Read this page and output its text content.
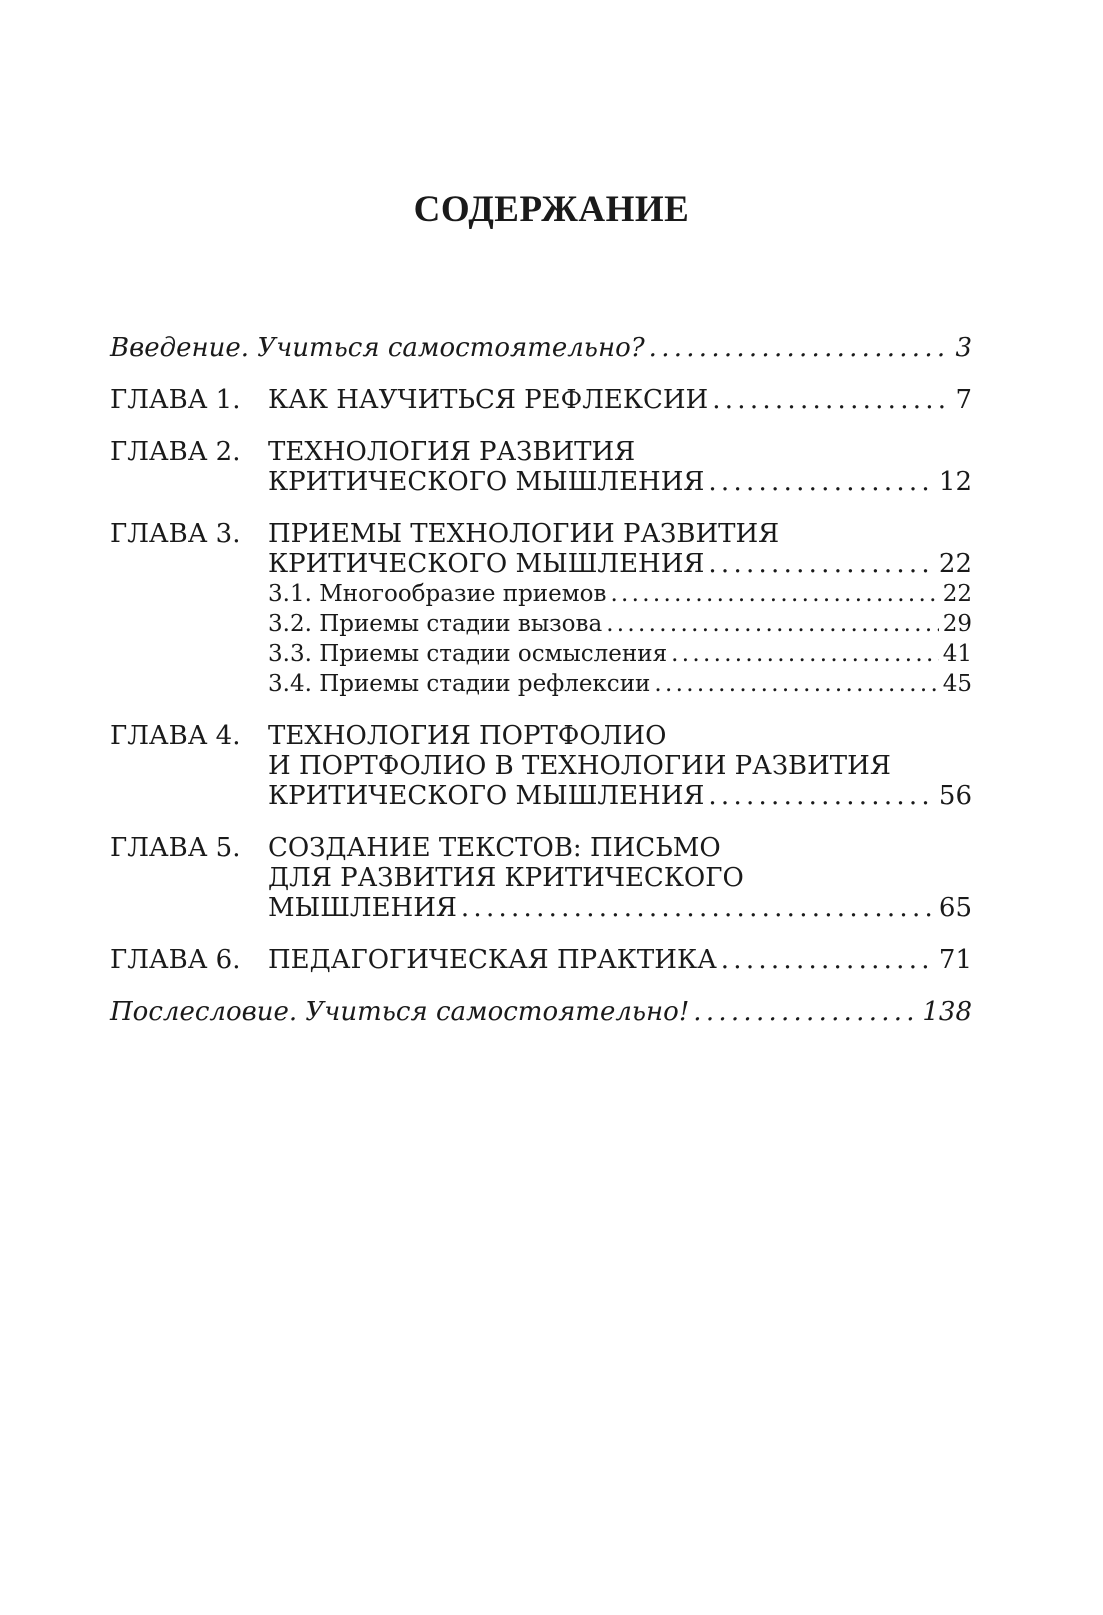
СОДЕРЖАНИЕ
Введение. Учиться самостоятельно? . . .	3
ГЛАВА 1.	КАК НАУЧИТЬСЯ РЕФЛЕКСИИ . . .	7
ГЛАВА 2.	ТЕХНОЛОГИЯ РАЗВИТИЯ
КРИТИЧЕСКОГО МЫШЛЕНИЯ . . .	12
ГЛАВА 3.	ПРИЕМЫ ТЕХНОЛОГИИ РАЗВИТИЯ
КРИТИЧЕСКОГО МЫШЛЕНИЯ . . .	22
3.1. Многообразие приемов . . .	22
3.2. Приемы стадии вызова . . .	29
3.3. Приемы стадии осмысления . . .	41
3.4. Приемы стадии рефлексии . . .	45
ГЛАВА 4.	ТЕХНОЛОГИЯ ПОРТФОЛИО
И ПОРТФОЛИО В ТЕХНОЛОГИИ РАЗВИТИЯ
КРИТИЧЕСКОГО МЫШЛЕНИЯ . . .	56
ГЛАВА 5.	СОЗДАНИЕ ТЕКСТОВ: ПИСЬМО
ДЛЯ РАЗВИТИЯ КРИТИЧЕСКОГО
МЫШЛЕНИЯ . . .	65
ГЛАВА 6.	ПЕДАГОГИЧЕСКАЯ ПРАКТИКА . . .	71
Послесловие. Учиться самостоятельно! . . .	138
